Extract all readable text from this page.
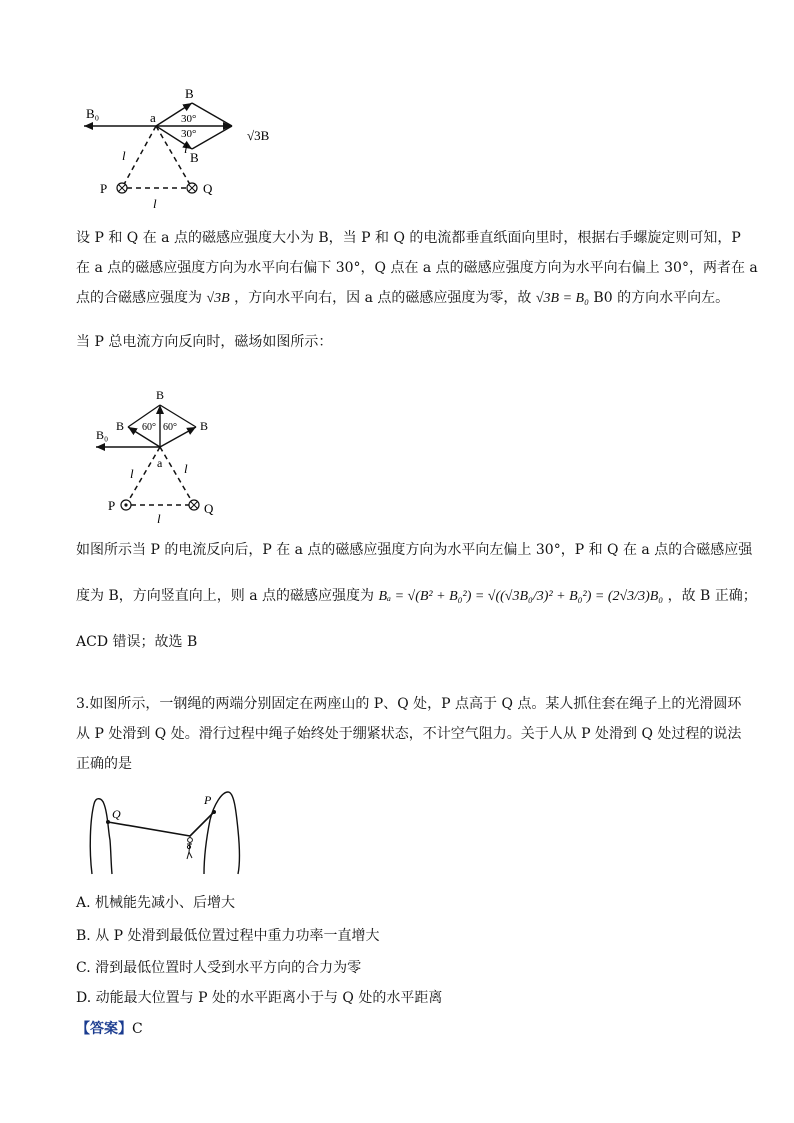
B₀	a
B
B
30°
30°	√3B
l	l
l
P	Q
设 P 和 Q 在 a 点的磁感应强度大小为 B，当 P 和 Q 的电流都垂直纸面向里时，根据右手螺旋定则可知，P
在 a 点的磁感应强度方向为水平向右偏下 30°，Q 点在 a 点的磁感应强度方向为水平向右偏上 30°，两者在 a
点的合磁感应强度为 √3B ，方向水平向右，因 a 点的磁感应强度为零，故 √3B = B₀ B0 的方向水平向左。
当 P 总电流方向反向时，磁场如图所示：
B
B	B
60° 60°
B₀
a
l	l
l
P	Q
如图所示当 P 的电流反向后，P 在 a 点的磁感应强度方向为水平向左偏上 30°，P 和 Q 在 a 点的合磁感应强
度为 B，方向竖直向上，则 a 点的磁感应强度为 Bₐ = √(B² + B₀²) = √((√3B₀/3)² + B₀²) = (2√3/3)B₀ ，故 B 正确；
ACD 错误；故选 B
3.如图所示，一钢绳的两端分别固定在两座山的 P、Q 处，P 点高于 Q 点。某人抓住套在绳子上的光滑圆环
从 P 处滑到 Q 处。滑行过程中绳子始终处于绷紧状态，不计空气阻力。关于人从 P 处滑到 Q 处过程的说法
正确的是
Q
P
A. 机械能先减小、后增大
B. 从 P 处滑到最低位置过程中重力功率一直增大
C. 滑到最低位置时人受到水平方向的合力为零
D. 动能最大位置与 P 处的水平距离小于与 Q 处的水平距离
【答案】C
